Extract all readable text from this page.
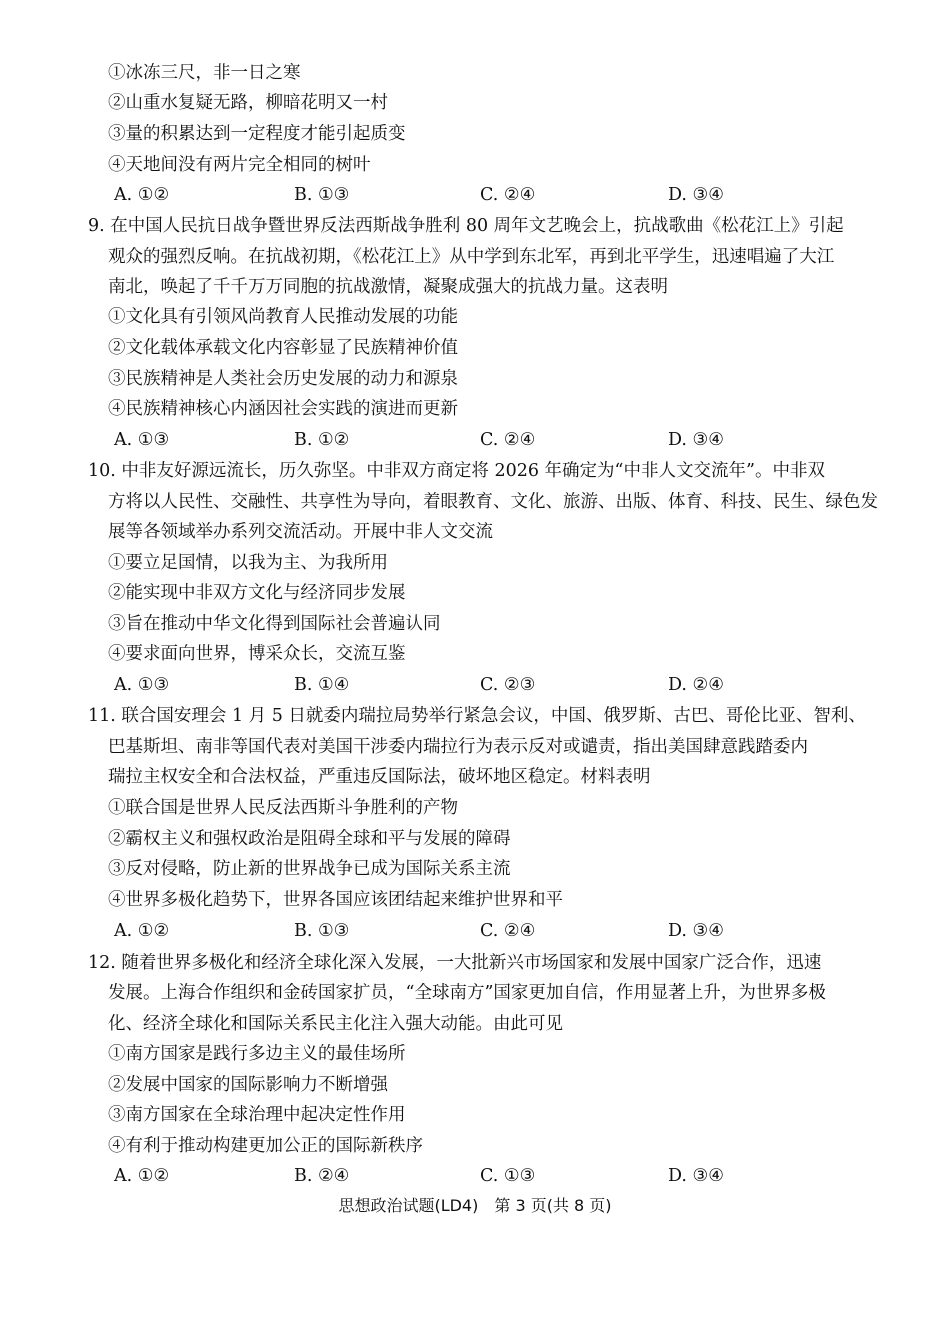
①冰冻三尺，非一日之寒
②山重水复疑无路，柳暗花明又一村
③量的积累达到一定程度才能引起质变
④天地间没有两片完全相同的树叶
A. ①②	B. ①③	C. ②④	D. ③④
9. 在中国人民抗日战争暨世界反法西斯战争胜利 80 周年文艺晚会上，抗战歌曲《松花江上》引起
观众的强烈反响。在抗战初期，《松花江上》从中学到东北军，再到北平学生，迅速唱遍了大江
南北，唤起了千千万万同胞的抗战激情，凝聚成强大的抗战力量。这表明
①文化具有引领风尚教育人民推动发展的功能
②文化载体承载文化内容彰显了民族精神价值
③民族精神是人类社会历史发展的动力和源泉
④民族精神核心内涵因社会实践的演进而更新
A. ①③	B. ①②	C. ②④	D. ③④
10. 中非友好源远流长，历久弥坚。中非双方商定将 2026 年确定为“中非人文交流年”。中非双
方将以人民性、交融性、共享性为导向，着眼教育、文化、旅游、出版、体育、科技、民生、绿色发
展等各领域举办系列交流活动。开展中非人文交流
①要立足国情，以我为主、为我所用
②能实现中非双方文化与经济同步发展
③旨在推动中华文化得到国际社会普遍认同
④要求面向世界，博采众长，交流互鉴
A. ①③	B. ①④	C. ②③	D. ②④
11. 联合国安理会 1 月 5 日就委内瑞拉局势举行紧急会议，中国、俄罗斯、古巴、哥伦比亚、智利、
巴基斯坦、南非等国代表对美国干涉委内瑞拉行为表示反对或谴责，指出美国肆意践踏委内
瑞拉主权安全和合法权益，严重违反国际法，破坏地区稳定。材料表明
①联合国是世界人民反法西斯斗争胜利的产物
②霸权主义和强权政治是阻碍全球和平与发展的障碍
③反对侵略，防止新的世界战争已成为国际关系主流
④世界多极化趋势下，世界各国应该团结起来维护世界和平
A. ①②	B. ①③	C. ②④	D. ③④
12. 随着世界多极化和经济全球化深入发展，一大批新兴市场国家和发展中国家广泛合作，迅速
发展。上海合作组织和金砖国家扩员，“全球南方”国家更加自信，作用显著上升，为世界多极
化、经济全球化和国际关系民主化注入强大动能。由此可见
①南方国家是践行多边主义的最佳场所
②发展中国家的国际影响力不断增强
③南方国家在全球治理中起决定性作用
④有利于推动构建更加公正的国际新秩序
A. ①②	B. ②④	C. ①③	D. ③④
思想政治试题(LD4)　第 3 页(共 8 页)
